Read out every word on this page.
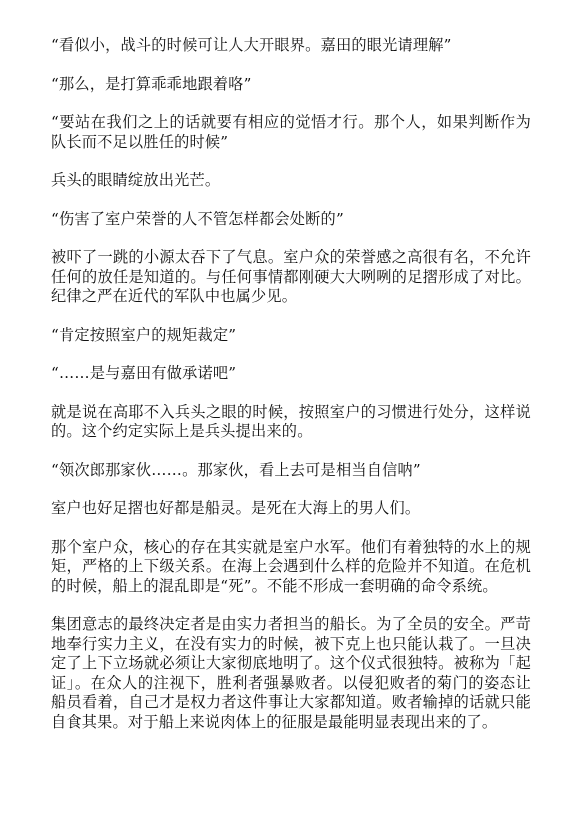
“看似小，战斗的时候可让人大开眼界。嘉田的眼光请理解”

“那么，是打算乖乖地跟着咯”

“要站在我们之上的话就要有相应的觉悟才行。那个人，如果判断作为队长而不足以胜任的时候”

兵头的眼睛绽放出光芒。

“伤害了室户荣誉的人不管怎样都会处断的”

被吓了一跳的小源太吞下了气息。室户众的荣誉感之高很有名，不允许任何的放任是知道的。与任何事情都刚硬大大咧咧的足摺形成了对比。纪律之严在近代的军队中也属少见。

“肯定按照室户的规矩裁定”

“……是与嘉田有做承诺吧”

就是说在高耶不入兵头之眼的时候，按照室户的习惯进行处分，这样说的。这个约定实际上是兵头提出来的。

“领次郎那家伙……。那家伙，看上去可是相当自信呐”

室户也好足摺也好都是船灵。是死在大海上的男人们。

那个室户众，核心的存在其实就是室户水军。他们有着独特的水上的规矩，严格的上下级关系。在海上会遇到什么样的危险并不知道。在危机的时候，船上的混乱即是“死”。不能不形成一套明确的命令系统。

集团意志的最终决定者是由实力者担当的船长。为了全员的安全。严苛地奉行实力主义，在没有实力的时候，被下克上也只能认栽了。一旦决定了上下立场就必须让大家彻底地明了。这个仪式很独特。被称为「起证」。在众人的注视下，胜利者强暴败者。以侵犯败者的菊门的姿态让船员看着，自己才是权力者这件事让大家都知道。败者输掉的话就只能自食其果。对于船上来说肉体上的征服是最能明显表现出来的了。
